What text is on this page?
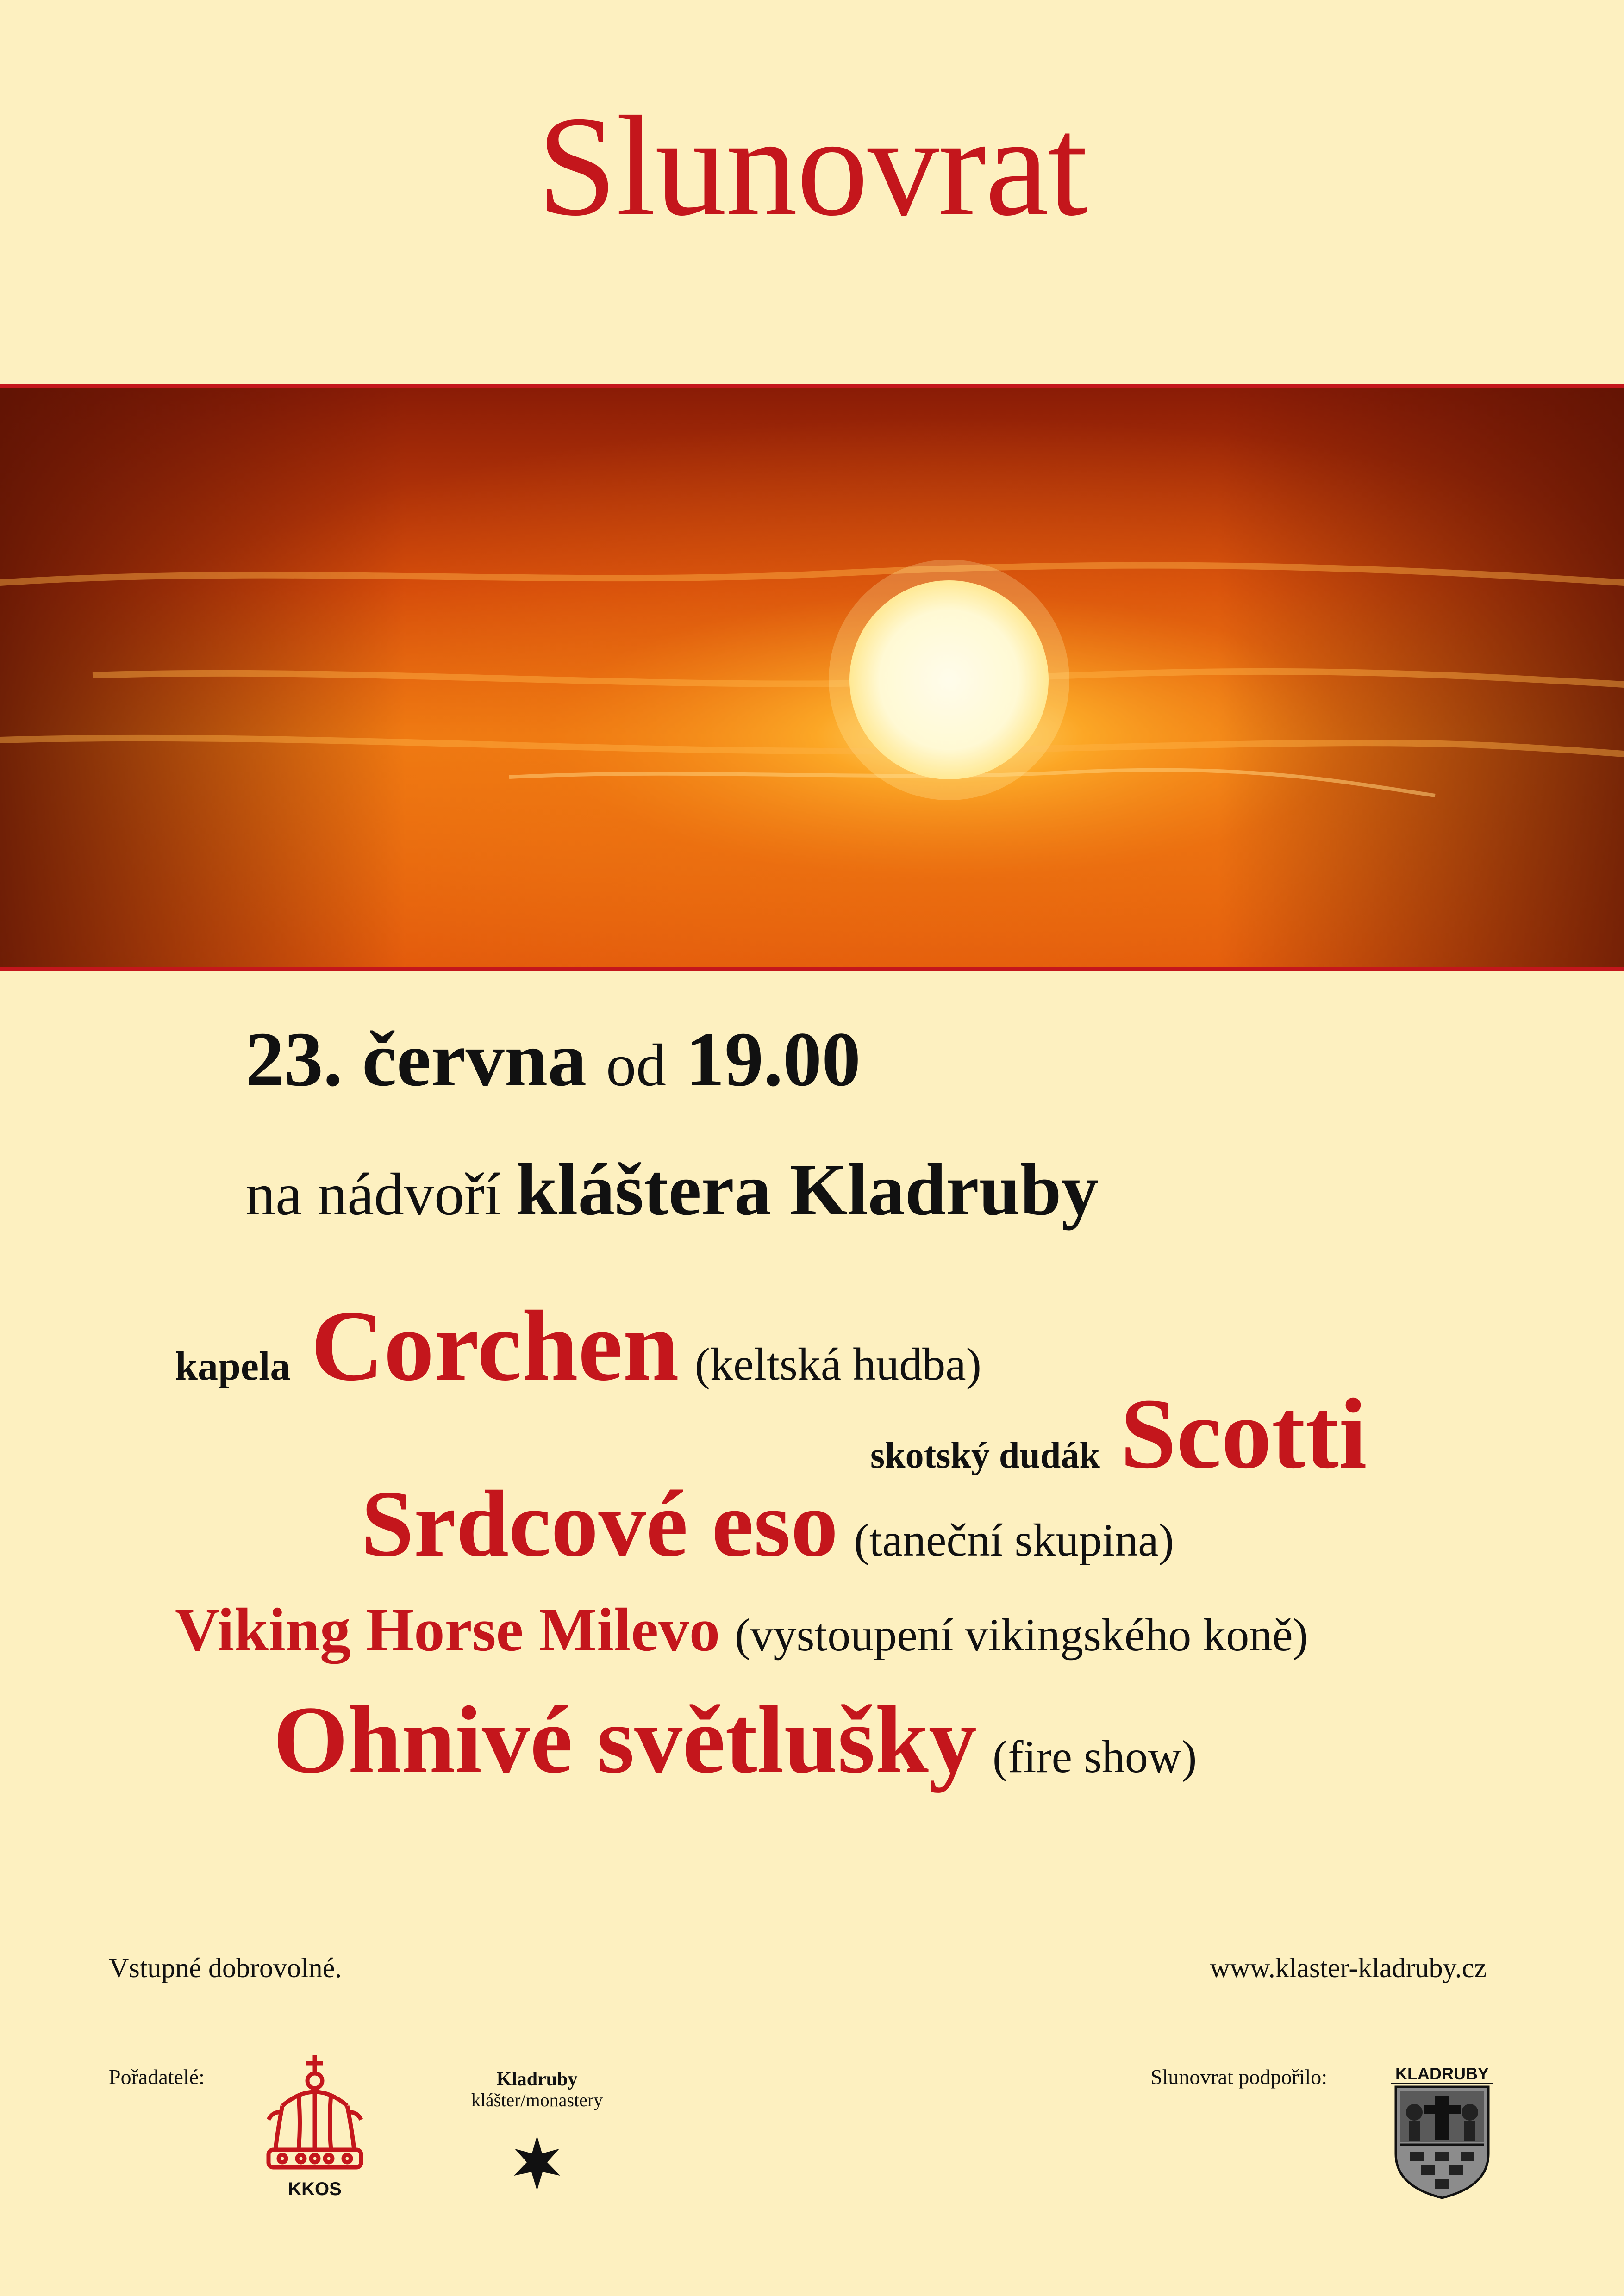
Slunovrat
23. června od 19.00
na nádvoří kláštera Kladruby
kapela Corchen (keltská hudba)
skotský dudák Scotti
Srdcové eso (taneční skupina)
Viking Horse Milevo (vystoupení vikingského koně)
Ohnivé světlušky (fire show)
Vstupné dobrovolné.	www.klaster-kladruby.cz
Pořadatelé:	Slunovrat podpořilo:
KKOS
Kladruby
klášter/monastery
KLADRUBY
